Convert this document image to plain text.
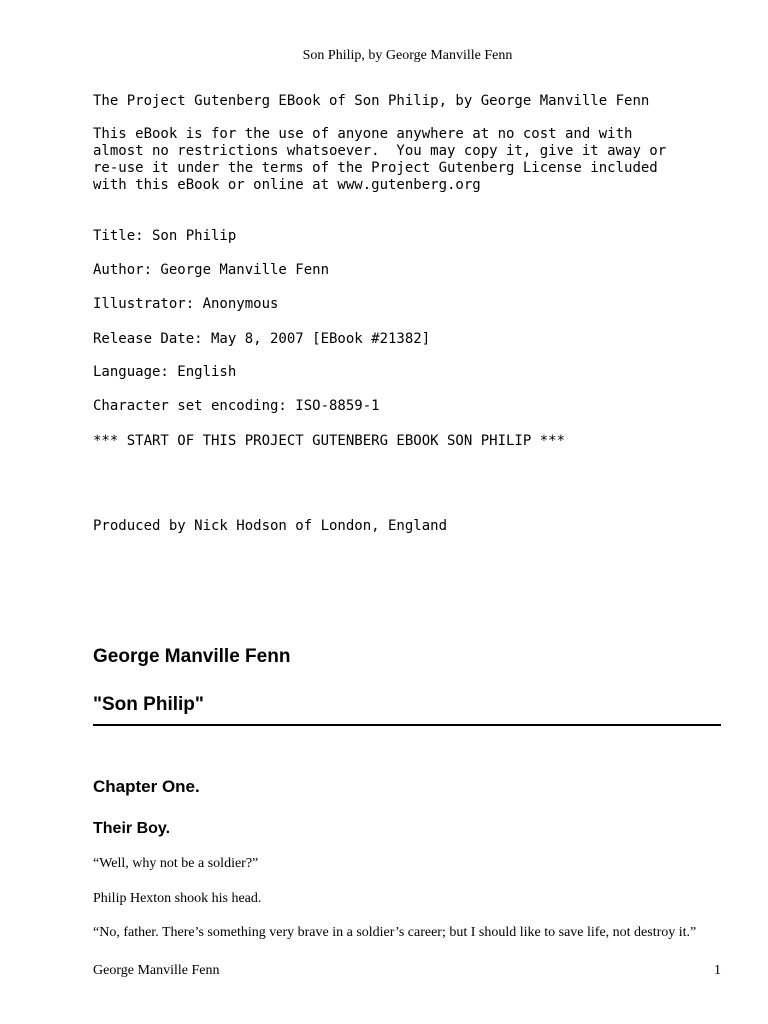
Son Philip, by George Manville Fenn
The Project Gutenberg EBook of Son Philip, by George Manville Fenn
This eBook is for the use of anyone anywhere at no cost and with
almost no restrictions whatsoever.  You may copy it, give it away or
re-use it under the terms of the Project Gutenberg License included
with this eBook or online at www.gutenberg.org
Title: Son Philip
Author: George Manville Fenn
Illustrator: Anonymous
Release Date: May 8, 2007 [EBook #21382]
Language: English
Character set encoding: ISO-8859-1
*** START OF THIS PROJECT GUTENBERG EBOOK SON PHILIP ***
Produced by Nick Hodson of London, England
George Manville Fenn
"Son Philip"
Chapter One.
Their Boy.
“Well, why not be a soldier?”
Philip Hexton shook his head.
“No, father. There’s something very brave in a soldier’s career; but I should like to save life, not destroy it.”
George Manville Fenn	1
